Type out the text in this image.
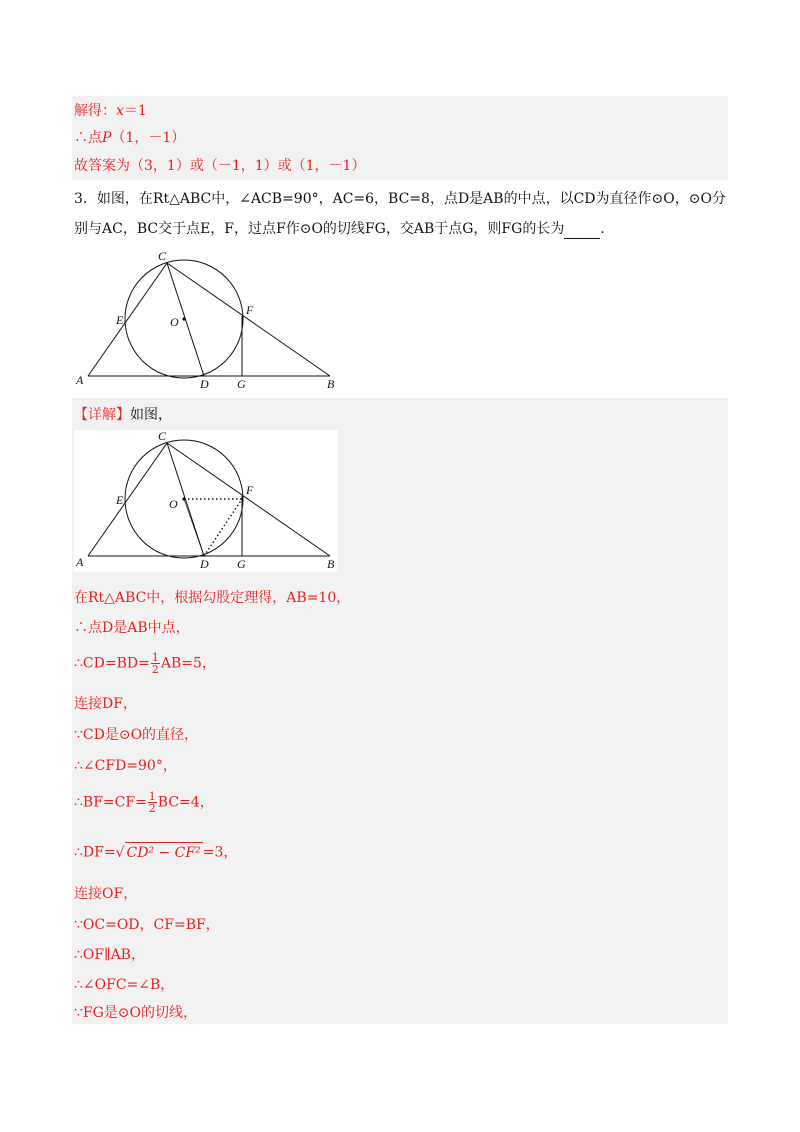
解得：x＝1
∴点P（1，－1）
故答案为（3，1）或（－1，1）或（1，－1）
3．如图，在Rt△ABC中，∠ACB=90°，AC=6，BC=8，点D是AB的中点，以CD为直径作⊙O，⊙O分
别与AC，BC交于点E，F，过点F作⊙O的切线FG，交AB于点G，则FG的长为	.
C
E	O
F
A	D G	B
【详解】如图，
C
E	O
F
A	D G	B
在Rt△ABC中，根据勾股定理得，AB=10，
∴点D是AB中点，
∴CD=BD= $\frac{1}{2} AB=5$，
连接DF，
∵CD是⊙O的直径，
∴∠CFD=90°，
∴BF=CF= $\frac{1}{2} BC=4$，
∴DF=√ CD² − CF² =3，
连接OF，
∵OC=OD，CF=BF，
∴OF∥AB，
∴∠OFC=∠B，
∵FG是⊙O的切线，
